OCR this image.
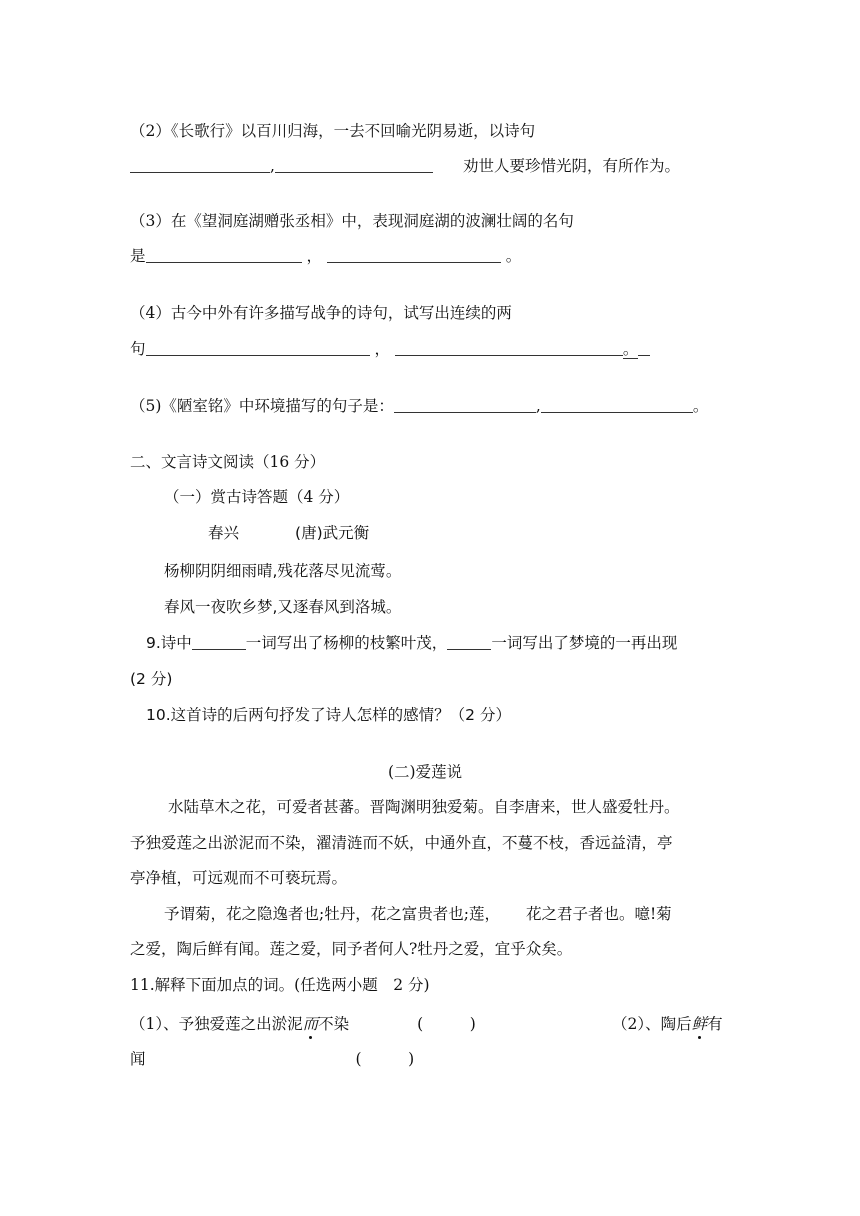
（2）《长歌行》以百川归海，一去不回喻光阴易逝，以诗句
,	劝世人要珍惜光阴，有所作为。
（3）在《望洞庭湖赠张丞相》中，表现洞庭湖的波澜壮阔的名句
是	，	。
（4）古今中外有许多描写战争的诗句，试写出连续的两
句	，	。
（5)《陋室铭》中环境描写的句子是：	,	。
二、文言诗文阅读（16 分）
（一）赏古诗答题（4 分）
春兴	(唐)武元衡
杨柳阴阴细雨晴,残花落尽见流莺。
春风一夜吹乡梦,又逐春风到洛城。
9.诗中	一词写出了杨柳的枝繁叶茂，	一词写出了梦境的一再出现
(2 分)
10.这首诗的后两句抒发了诗人怎样的感情？（2 分）
(二)爱莲说
水陆草木之花，可爱者甚蕃。晋陶渊明独爱菊。自李唐来，世人盛爱牡丹。
予独爱莲之出淤泥而不染，濯清涟而不妖，中通外直，不蔓不枝，香远益清，亭
亭净植，可远观而不可亵玩焉。
予谓菊，花之隐逸者也;牡丹，花之富贵者也;莲， 花之君子者也。噫!菊
之爱，陶后鲜有闻。莲之爱，同予者何人?牡丹之爱，宜乎众矣。
11.解释下面加点的词。(任选两小题　2 分)
（1）、予独爱莲之出淤泥而不染	(　　　)	（2）、陶后鲜有
闻	(　　　)
